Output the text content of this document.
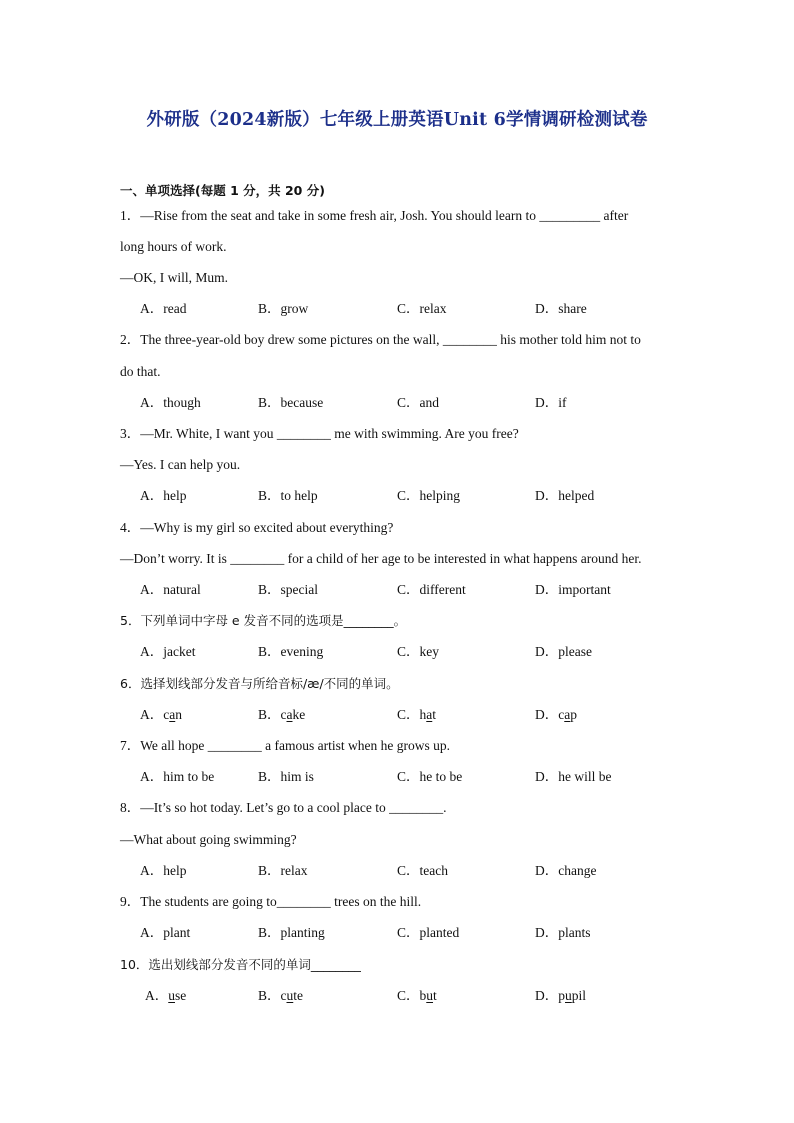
外研版（2024新版）七年级上册英语Unit 6学情调研检测试卷
一、单项选择(每题 1 分，共 20 分)
1．—Rise from the seat and take in some fresh air, Josh. You should learn to _________ after
long hours of work.
—OK, I will, Mum.
A．read	B．grow	C．relax	D．share
2．The three-year-old boy drew some pictures on the wall, ________ his mother told him not to
do that.
A．though	B．because	C．and	D．if
3．—Mr. White, I want you ________ me with swimming. Are you free?
—Yes. I can help you.
A．help	B．to help	C．helping	D．helped
4．—Why is my girl so excited about everything?
—Don’t worry. It is ________ for a child of her age to be interested in what happens around her.
A．natural	B．special	C．different	D．important
5．下列单词中字母 e 发音不同的选项是________。
A．jacket	B．evening	C．key	D．please
6．选择划线部分发音与所给音标/æ/不同的单词。
A．can	B．cake	C．hat	D．cap
7．We all hope ________ a famous artist when he grows up.
A．him to be	B．him is	C．he to be	D．he will be
8．—It’s so hot today. Let’s go to a cool place to ________.
—What about going swimming?
A．help	B．relax	C．teach	D．change
9．The students are going to________ trees on the hill.
A．plant	B．planting	C．planted	D．plants
10．选出划线部分发音不同的单词________
A．use	B．cute	C．but	D．pupil
